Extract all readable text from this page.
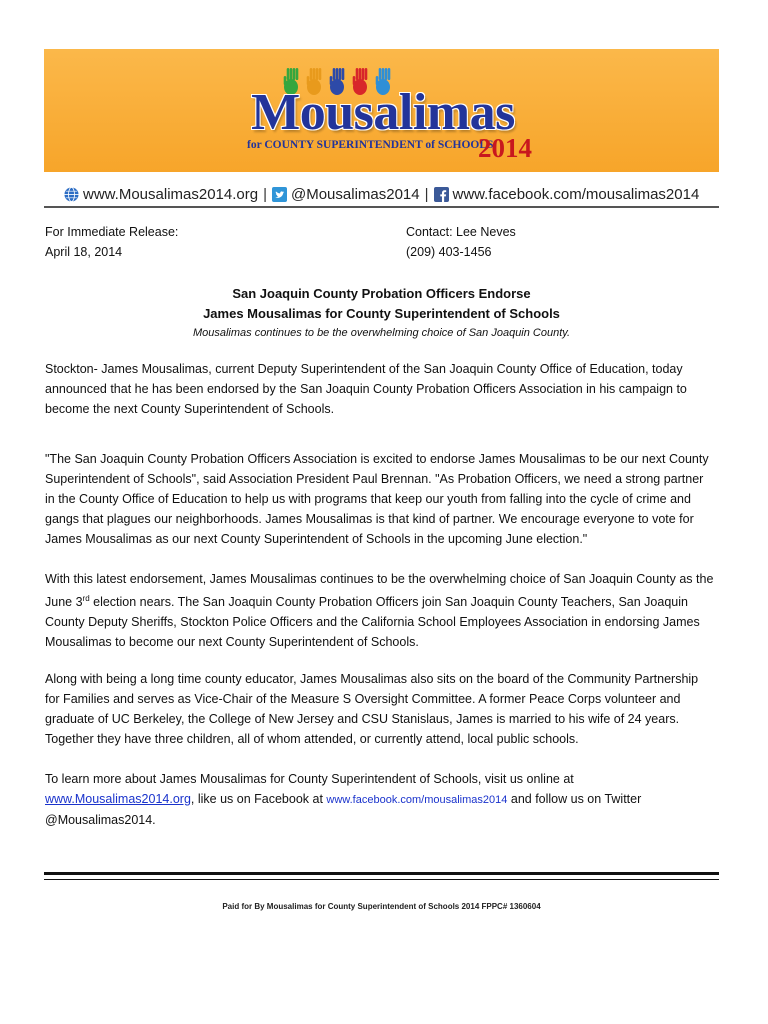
Mousalimas
for COUNTY SUPERINTENDENT of SCHOOLS
2014
www.Mousalimas2014.org | @Mousalimas2014 | www.facebook.com/mousalimas2014
For Immediate Release:
April 18, 2014
Contact: Lee Neves
(209) 403-1456
San Joaquin County Probation Officers Endorse
James Mousalimas for County Superintendent of Schools
Mousalimas continues to be the overwhelming choice of San Joaquin County.
Stockton- James Mousalimas, current Deputy Superintendent of the San Joaquin County Office of Education, today
announced that he has been endorsed by the San Joaquin County Probation Officers Association in his campaign to
become the next County Superintendent of Schools.
"The San Joaquin County Probation Officers Association is excited to endorse James Mousalimas to be our next County
Superintendent of Schools", said Association President Paul Brennan. "As Probation Officers, we need a strong partner
in the County Office of Education to help us with programs that keep our youth from falling into the cycle of crime and
gangs that plagues our neighborhoods. James Mousalimas is that kind of partner. We encourage everyone to vote for
James Mousalimas as our next County Superintendent of Schools in the upcoming June election."
With this latest endorsement, James Mousalimas continues to be the overwhelming choice of San Joaquin County as the
June 3rd election nears. The San Joaquin County Probation Officers join San Joaquin County Teachers, San Joaquin
County Deputy Sheriffs, Stockton Police Officers and the California School Employees Association in endorsing James
Mousalimas to become our next County Superintendent of Schools.
Along with being a long time county educator, James Mousalimas also sits on the board of the Community Partnership
for Families and serves as Vice-Chair of the Measure S Oversight Committee. A former Peace Corps volunteer and
graduate of UC Berkeley, the College of New Jersey and CSU Stanislaus, James is married to his wife of 24 years.
Together they have three children, all of whom attended, or currently attend, local public schools.
To learn more about James Mousalimas for County Superintendent of Schools, visit us online at
www.Mousalimas2014.org, like us on Facebook at www.facebook.com/mousalimas2014 and follow us on Twitter
@Mousalimas2014.
Paid for By Mousalimas for County Superintendent of Schools 2014 FPPC# 1360604
